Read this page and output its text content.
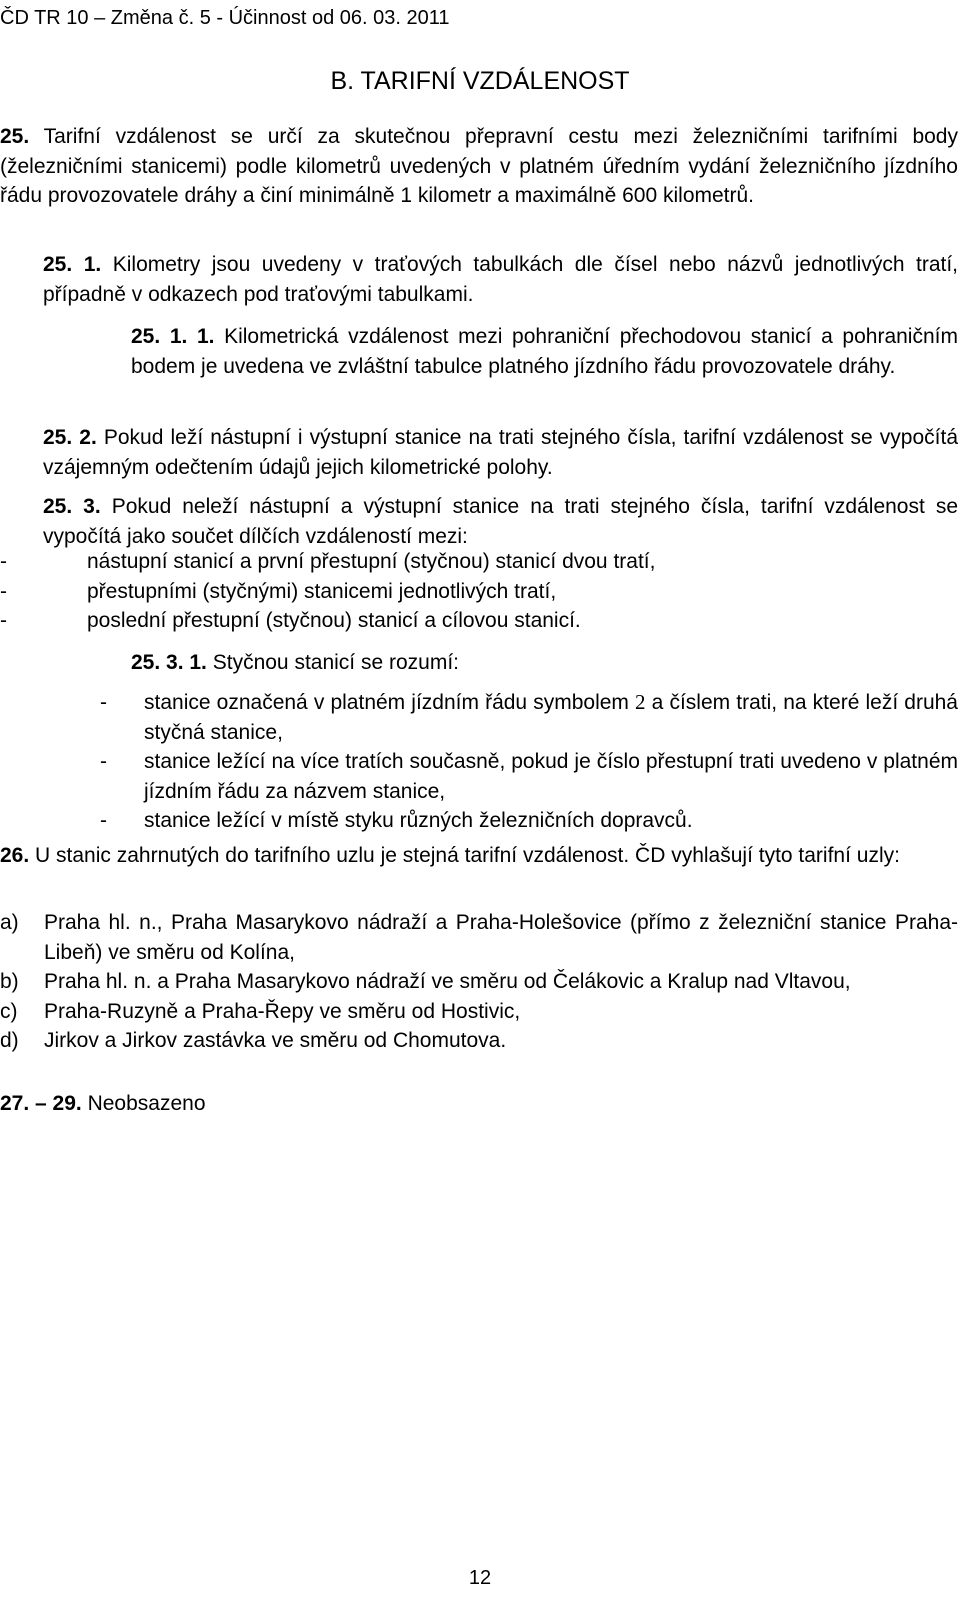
ČD TR 10 – Změna č. 5 - Účinnost od 06. 03. 2011
B. TARIFNÍ VZDÁLENOST
25. Tarifní vzdálenost se určí za skutečnou přepravní cestu mezi železničními tarifními body (železničními stanicemi) podle kilometrů uvedených v platném úředním vydání železničního jízdního řádu provozovatele dráhy a činí minimálně 1 kilometr a maximálně 600 kilometrů.
25. 1. Kilometry jsou uvedeny v traťových tabulkách dle čísel nebo názvů jednotlivých tratí, případně v odkazech pod traťovými tabulkami.
25. 1. 1. Kilometrická vzdálenost mezi pohraniční přechodovou stanicí a pohraničním bodem je uvedena ve zvláštní tabulce platného jízdního řádu provozovatele dráhy.
25. 2. Pokud leží nástupní i výstupní stanice na trati stejného čísla, tarifní vzdálenost se vypočítá vzájemným odečtením údajů jejich kilometrické polohy.
25. 3. Pokud neleží nástupní a výstupní stanice na trati stejného čísla, tarifní vzdálenost se vypočítá jako součet dílčích vzdáleností mezi:
-	nástupní stanicí a první přestupní (styčnou) stanicí dvou tratí,
-	přestupními (styčnými) stanicemi jednotlivých tratí,
-	poslední přestupní (styčnou) stanicí a cílovou stanicí.
25. 3. 1. Styčnou stanicí se rozumí:
- stanice označená v platném jízdním řádu symbolem 2 a číslem trati, na které leží druhá styčná stanice,
- stanice ležící na více tratích současně, pokud je číslo přestupní trati uvedeno v platném jízdním řádu za názvem stanice,
- stanice ležící v místě styku různých železničních dopravců.
26. U stanic zahrnutých do tarifního uzlu je stejná tarifní vzdálenost. ČD vyhlašují tyto tarifní uzly:
a) Praha hl. n., Praha Masarykovo nádraží a Praha-Holešovice (přímo z železniční stanice Praha-Libeň) ve směru od Kolína,
b) Praha hl. n. a Praha Masarykovo nádraží ve směru od Čelákovic a Kralup nad Vltavou,
c) Praha-Ruzyně a Praha-Řepy ve směru od Hostivic,
d) Jirkov a Jirkov zastávka ve směru od Chomutova.
27. – 29. Neobsazeno
12
